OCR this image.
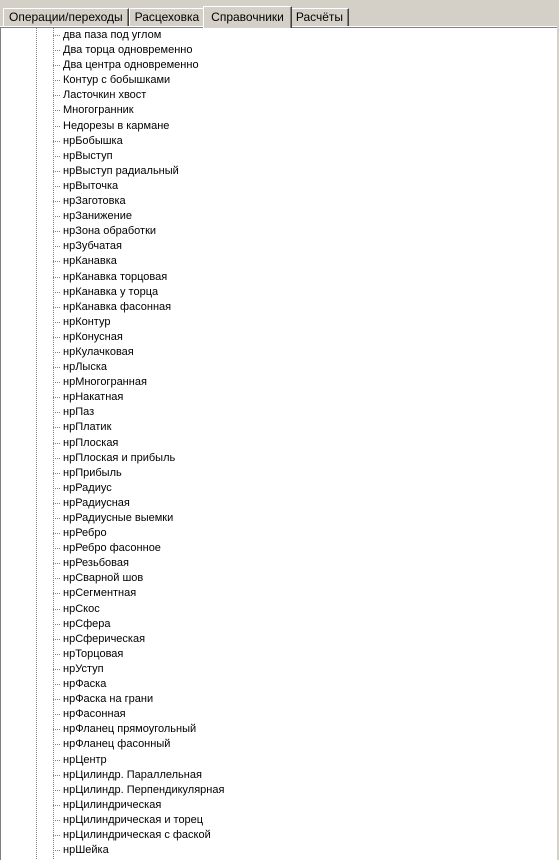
Операции/переходы	Расцеховка	Справочники	Расчёты
два паза под углом
Два торца одновременно
Два центра одновременно
Контур с бобышками
Ласточкин хвост
Многогранник
Недорезы в кармане
нрБобышка
нрВыступ
нрВыступ радиальный
нрВыточка
нрЗаготовка
нрЗанижение
нрЗона обработки
нрЗубчатая
нрКанавка
нрКанавка торцовая
нрКанавка у торца
нрКанавка фасонная
нрКонтур
нрКонусная
нрКулачковая
нрЛыска
нрМногогранная
нрНакатная
нрПаз
нрПлатик
нрПлоская
нрПлоская и прибыль
нрПрибыль
нрРадиус
нрРадиусная
нрРадиусные выемки
нрРебро
нрРебро фасонное
нрРезьбовая
нрСварной шов
нрСегментная
нрСкос
нрСфера
нрСферическая
нрТорцовая
нрУступ
нрФаска
нрФаска на грани
нрФасонная
нрФланец прямоугольный
нрФланец фасонный
нрЦентр
нрЦилиндр. Параллельная
нрЦилиндр. Перпендикулярная
нрЦилиндрическая
нрЦилиндрическая и торец
нрЦилиндрическая с фаской
нрШейка
